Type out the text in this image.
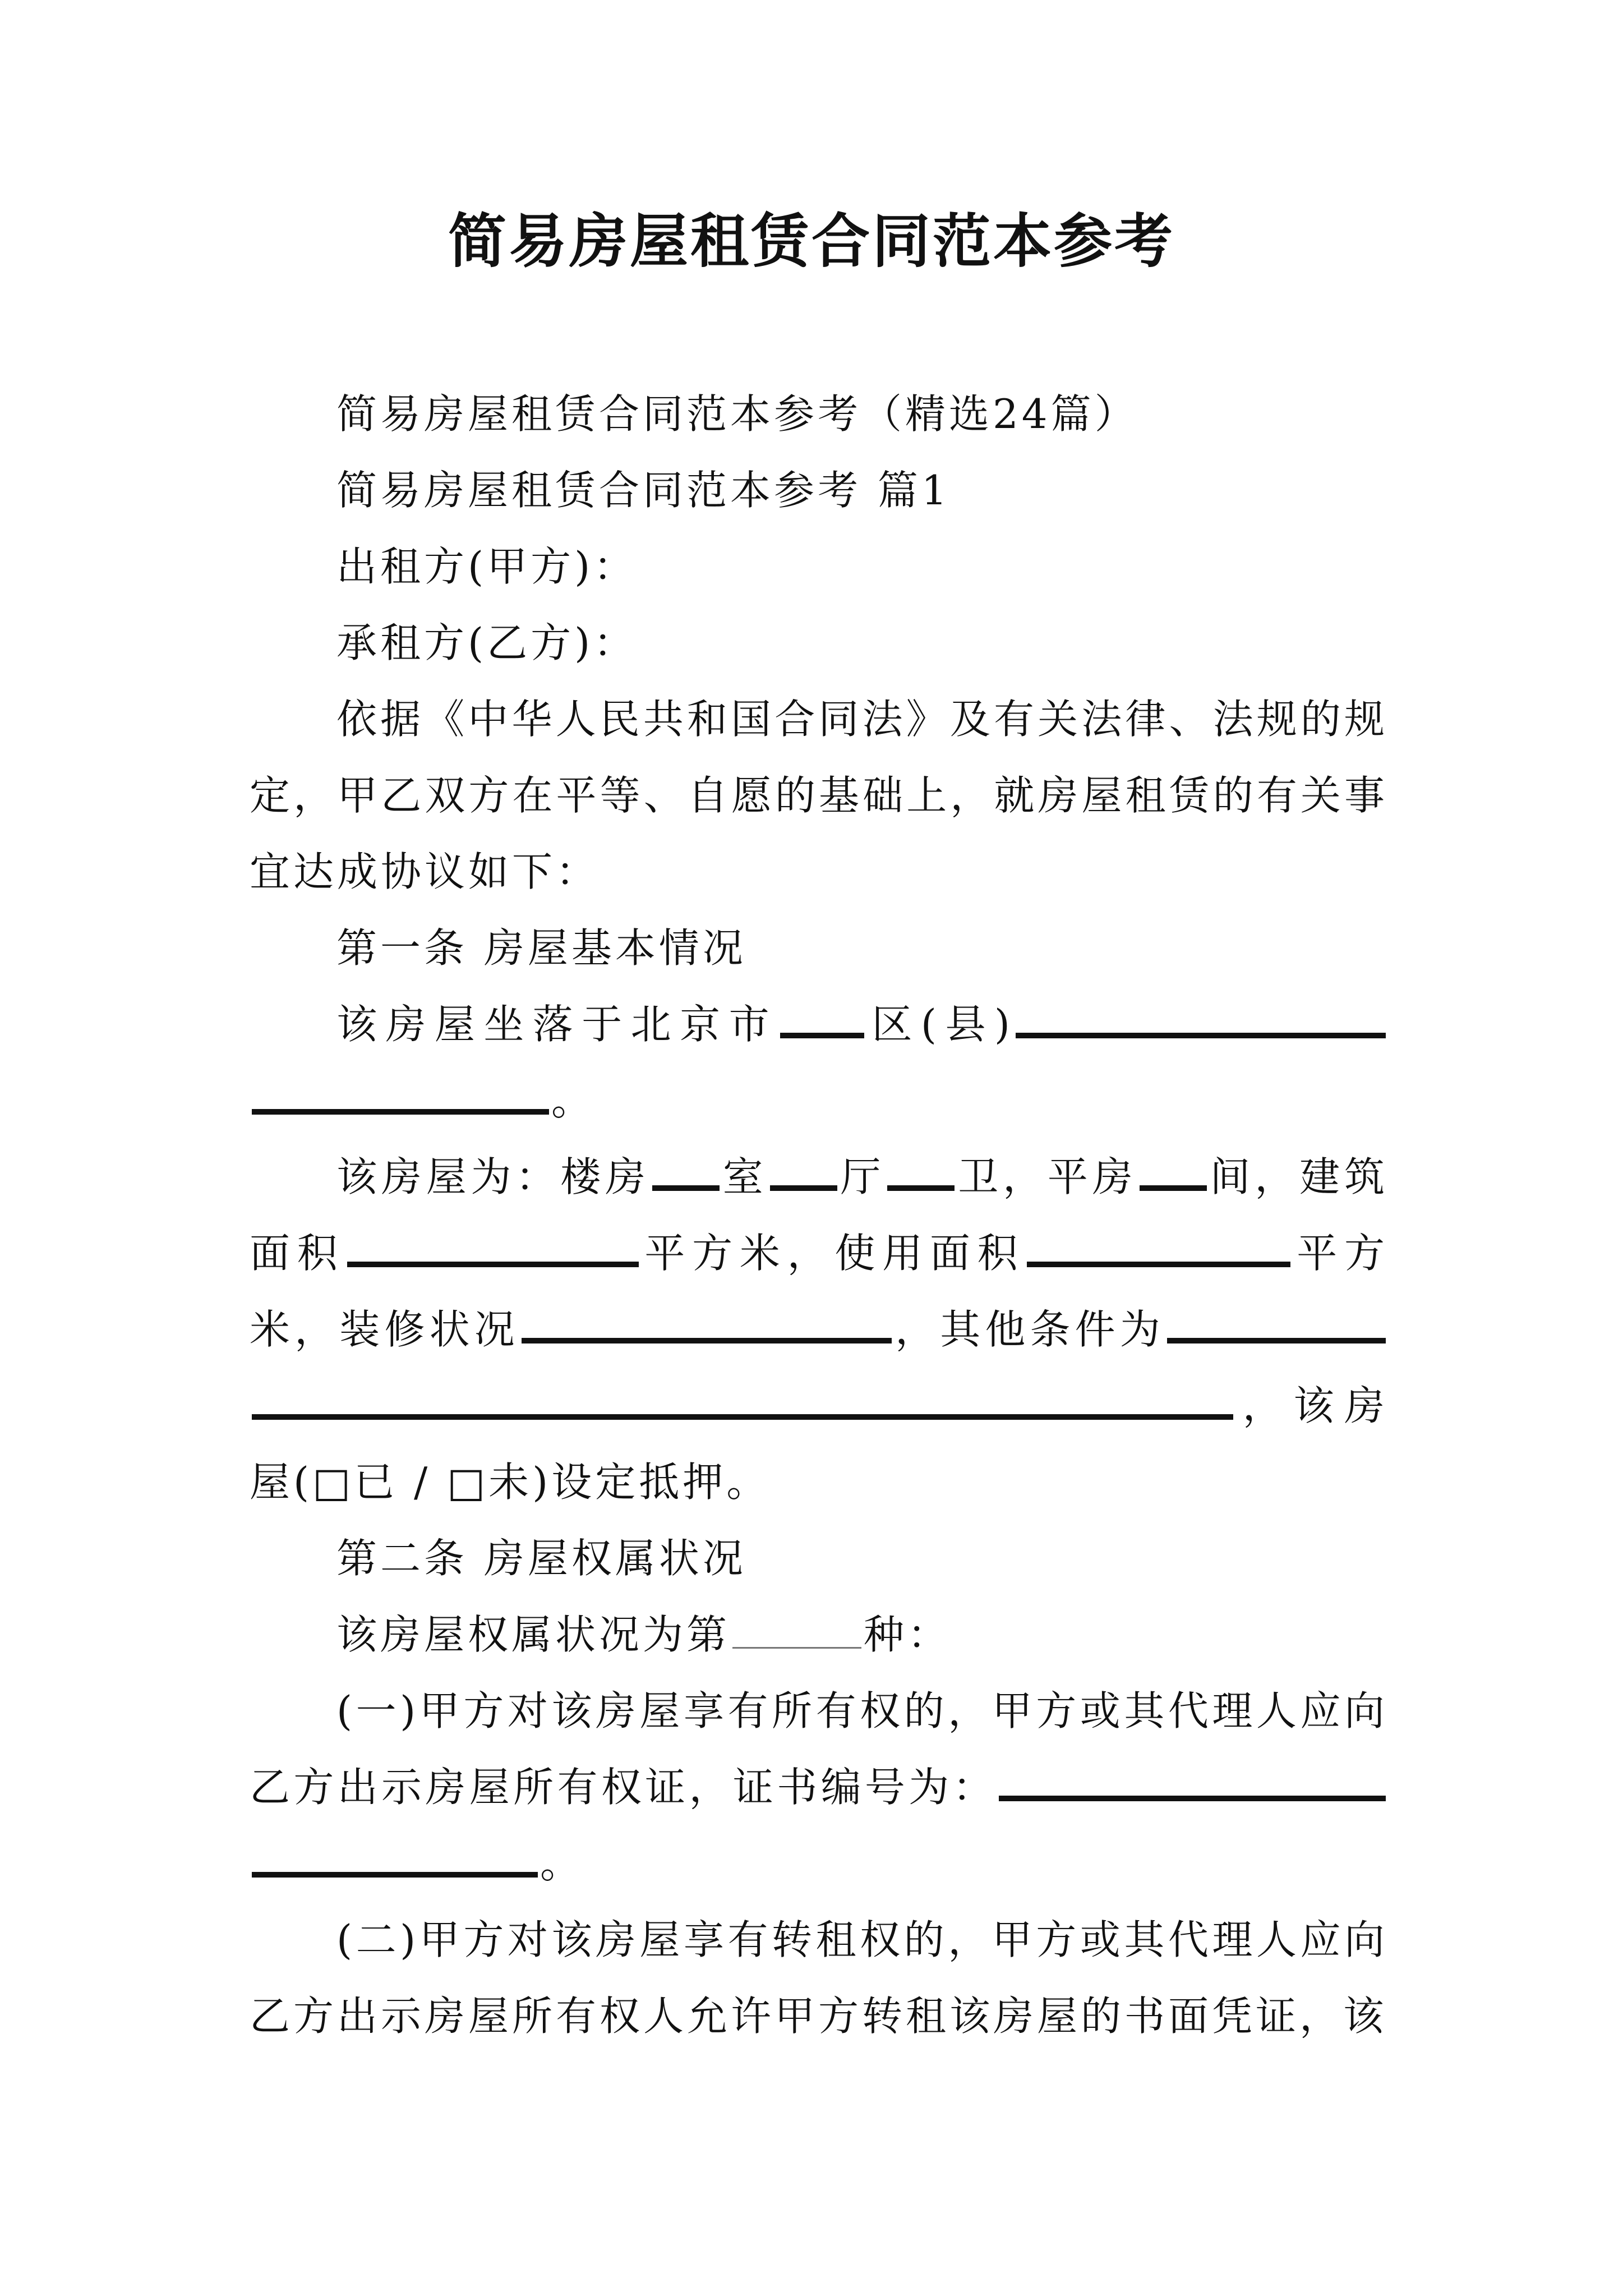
简易房屋租赁合同范本参考

简易房屋租赁合同范本参考（精选24篇）

简易房屋租赁合同范本参考 篇1

出租方(甲方)：

承租方(乙方)：

依据《中华人民共和国合同法》及有关法律、法规的规定，甲乙双方在平等、自愿的基础上，就房屋租赁的有关事宜达成协议如下：

第一条 房屋基本情况

该房屋坐落于北京市 区(县)。

该房屋为：楼房 室 厅 卫，平房 间，建筑面积	平方米，使用面积	平方米，装修状况	，其他条件为，该房屋(□已 / □未)设定抵押。

第二条 房屋权属状况

该房屋权属状况为第	种：

(一)甲方对该房屋享有所有权的，甲方或其代理人应向乙方出示房屋所有权证，证书编号为：。

(二)甲方对该房屋享有转租权的，甲方或其代理人应向乙方出示房屋所有权人允许甲方转租该房屋的书面凭证，该
